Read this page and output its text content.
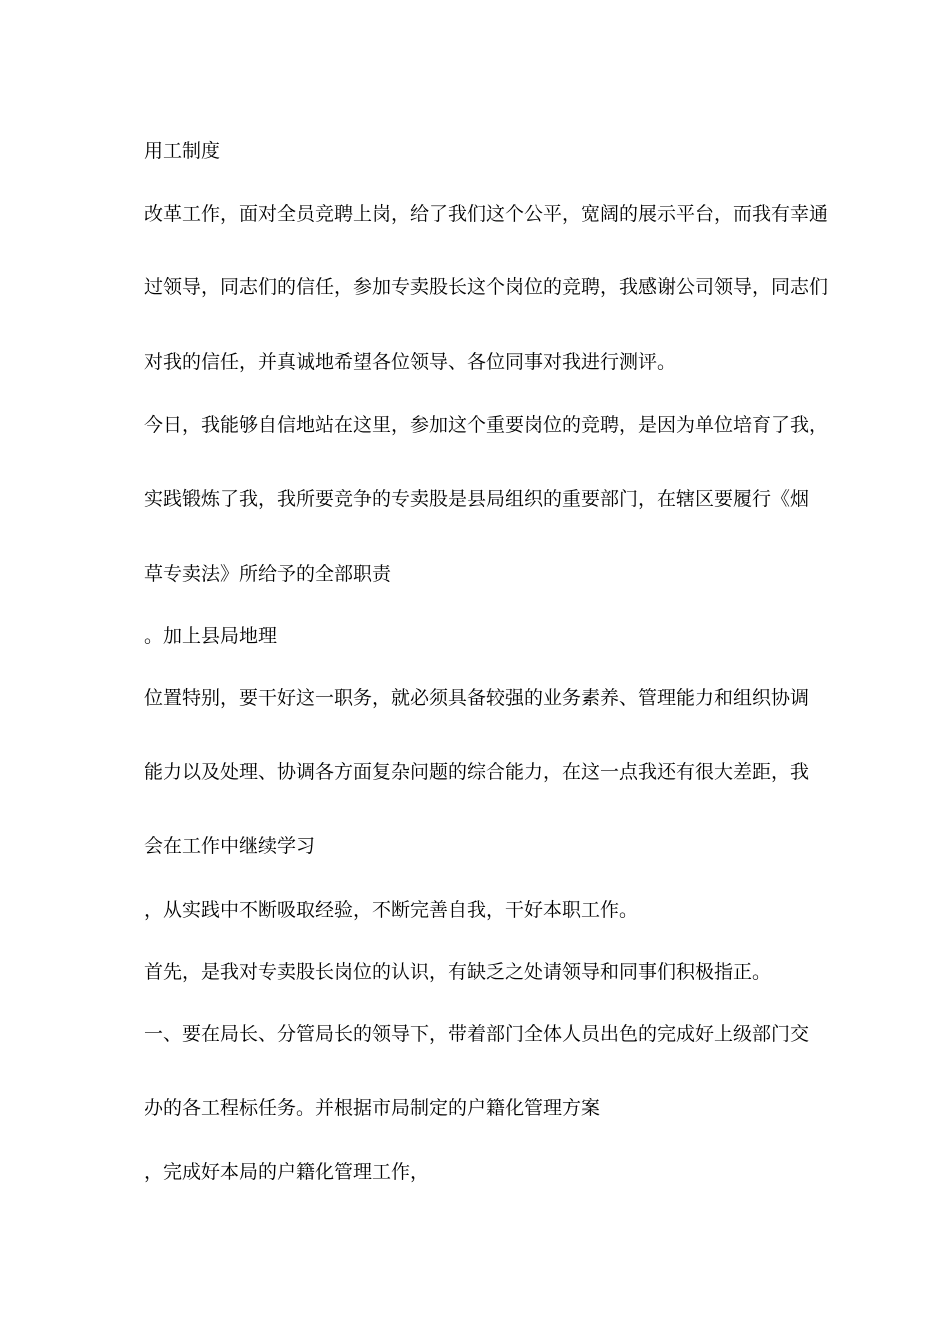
用工制度
改革工作，面对全员竞聘上岗，给了我们这个公平，宽阔的展示平台，而我有幸通
过领导，同志们的信任，参加专卖股长这个岗位的竞聘，我感谢公司领导，同志们
对我的信任，并真诚地希望各位领导、各位同事对我进行测评。
今日，我能够自信地站在这里，参加这个重要岗位的竞聘，是因为单位培育了我，
实践锻炼了我，我所要竞争的专卖股是县局组织的重要部门，在辖区要履行《烟
草专卖法》所给予的全部职责
。加上县局地理
位置特别，要干好这一职务，就必须具备较强的业务素养、管理能力和组织协调
能力以及处理、协调各方面复杂问题的综合能力，在这一点我还有很大差距，我
会在工作中继续学习
，从实践中不断吸取经验，不断完善自我，干好本职工作。
首先，是我对专卖股长岗位的认识，有缺乏之处请领导和同事们积极指正。
一、要在局长、分管局长的领导下，带着部门全体人员出色的完成好上级部门交
办的各工程标任务。并根据市局制定的户籍化管理方案
，完成好本局的户籍化管理工作，
